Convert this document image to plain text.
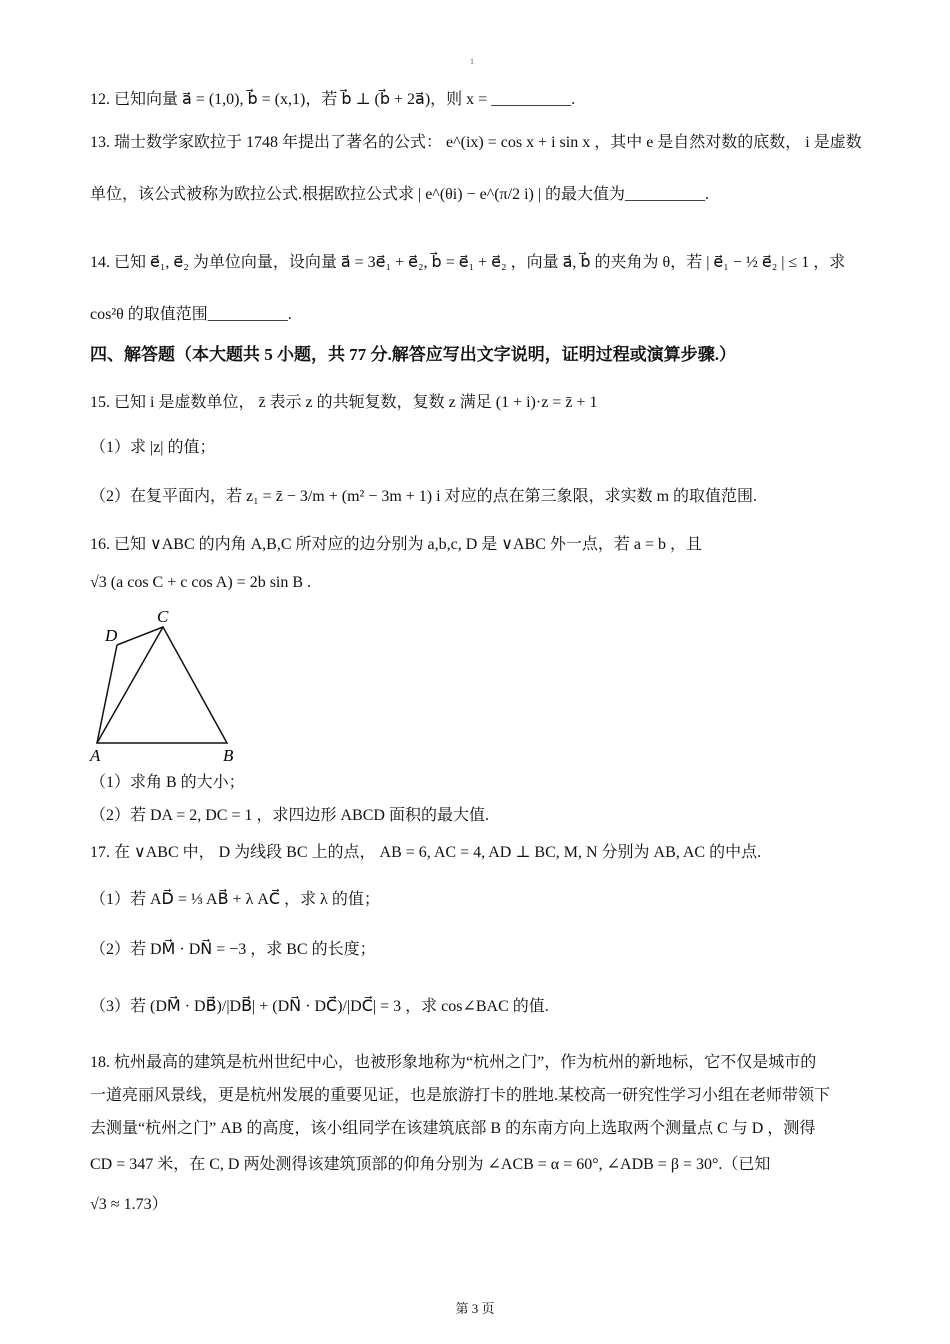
1
12. 已知向量 a⃗ = (1,0), b⃗ = (x,1)，若 b⃗ ⊥ (b⃗ + 2a⃗)，则 x = __________.
13. 瑞士数学家欧拉于 1748 年提出了著名的公式： e^(ix) = cos x + i sin x ，其中 e 是自然对数的底数， i 是虚数
单位，该公式被称为欧拉公式.根据欧拉公式求 | e^(θi) − e^(π/2 i) | 的最大值为__________.
14. 已知 e⃗₁, e⃗₂ 为单位向量，设向量 a⃗ = 3e⃗₁ + e⃗₂, b⃗ = e⃗₁ + e⃗₂ ，向量 a⃗, b⃗ 的夹角为 θ，若 | e⃗₁ − ½ e⃗₂ | ≤ 1 ，求
cos²θ 的取值范围__________.
四、解答题（本大题共 5 小题，共 77 分.解答应写出文字说明，证明过程或演算步骤.）
15. 已知 i 是虚数单位， z̄ 表示 z 的共轭复数，复数 z 满足 (1 + i)·z = z̄ + 1
（1）求 |z| 的值；
（2）在复平面内，若 z₁ = z̄ − 3/m + (m² − 3m + 1) i 对应的点在第三象限，求实数 m 的取值范围.
16. 已知 ∨ABC 的内角 A,B,C 所对应的边分别为 a,b,c, D 是 ∨ABC 外一点，若 a = b ，且
√3 (a cos C + c cos A) = 2b sin B .
A	B
C
D
（1）求角 B 的大小；
（2）若 DA = 2, DC = 1 ，求四边形 ABCD 面积的最大值.
17. 在 ∨ABC 中， D 为线段 BC 上的点， AB = 6, AC = 4, AD ⊥ BC, M, N 分别为 AB, AC 的中点.
（1）若 AD⃗ = ⅓ AB⃗ + λ AC⃗ ，求 λ 的值；
（2）若 DM⃗ · DN⃗ = −3 ，求 BC 的长度；
（3）若 (DM⃗ · DB⃗)/|DB⃗| + (DN⃗ · DC⃗)/|DC⃗| = 3 ，求 cos∠BAC 的值.
18. 杭州最高的建筑是杭州世纪中心，也被形象地称为“杭州之门”，作为杭州的新地标，它不仅是城市的
一道亮丽风景线，更是杭州发展的重要见证，也是旅游打卡的胜地.某校高一研究性学习小组在老师带领下
去测量“杭州之门” AB 的高度，该小组同学在该建筑底部 B 的东南方向上选取两个测量点 C 与 D ，测得
CD = 347 米，在 C, D 两处测得该建筑顶部的仰角分别为 ∠ACB = α = 60°, ∠ADB = β = 30°.（已知
√3 ≈ 1.73）
第 3 页
